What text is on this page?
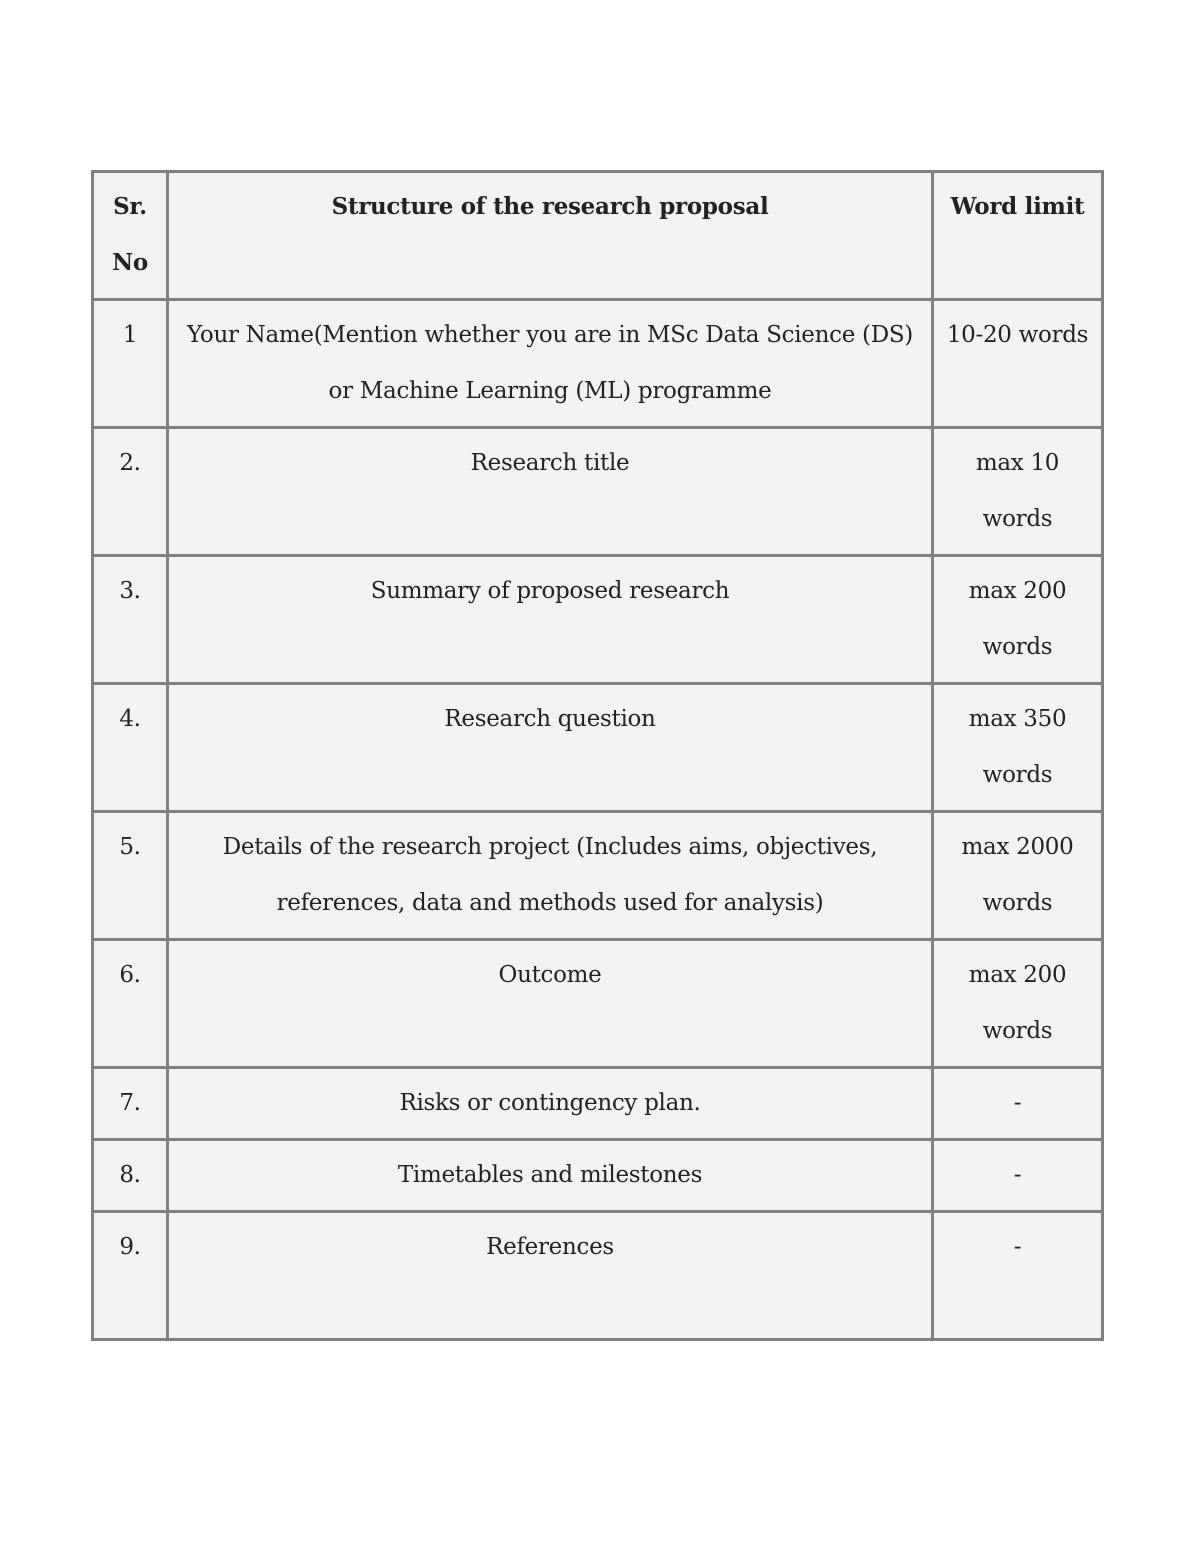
Sr. No	Structure of the research proposal	Word limit
1	Your Name(Mention whether you are in MSc Data Science (DS) or Machine Learning (ML) programme	10-20 words
2.	Research title	max 10 words
3.	Summary of proposed research	max 200 words
4.	Research question	max 350 words
5.	Details of the research project (Includes aims, objectives, references, data and methods used for analysis)	max 2000 words
6.	Outcome	max 200 words
7.	Risks or contingency plan.	-
8.	Timetables and milestones	-
9.	References	-
